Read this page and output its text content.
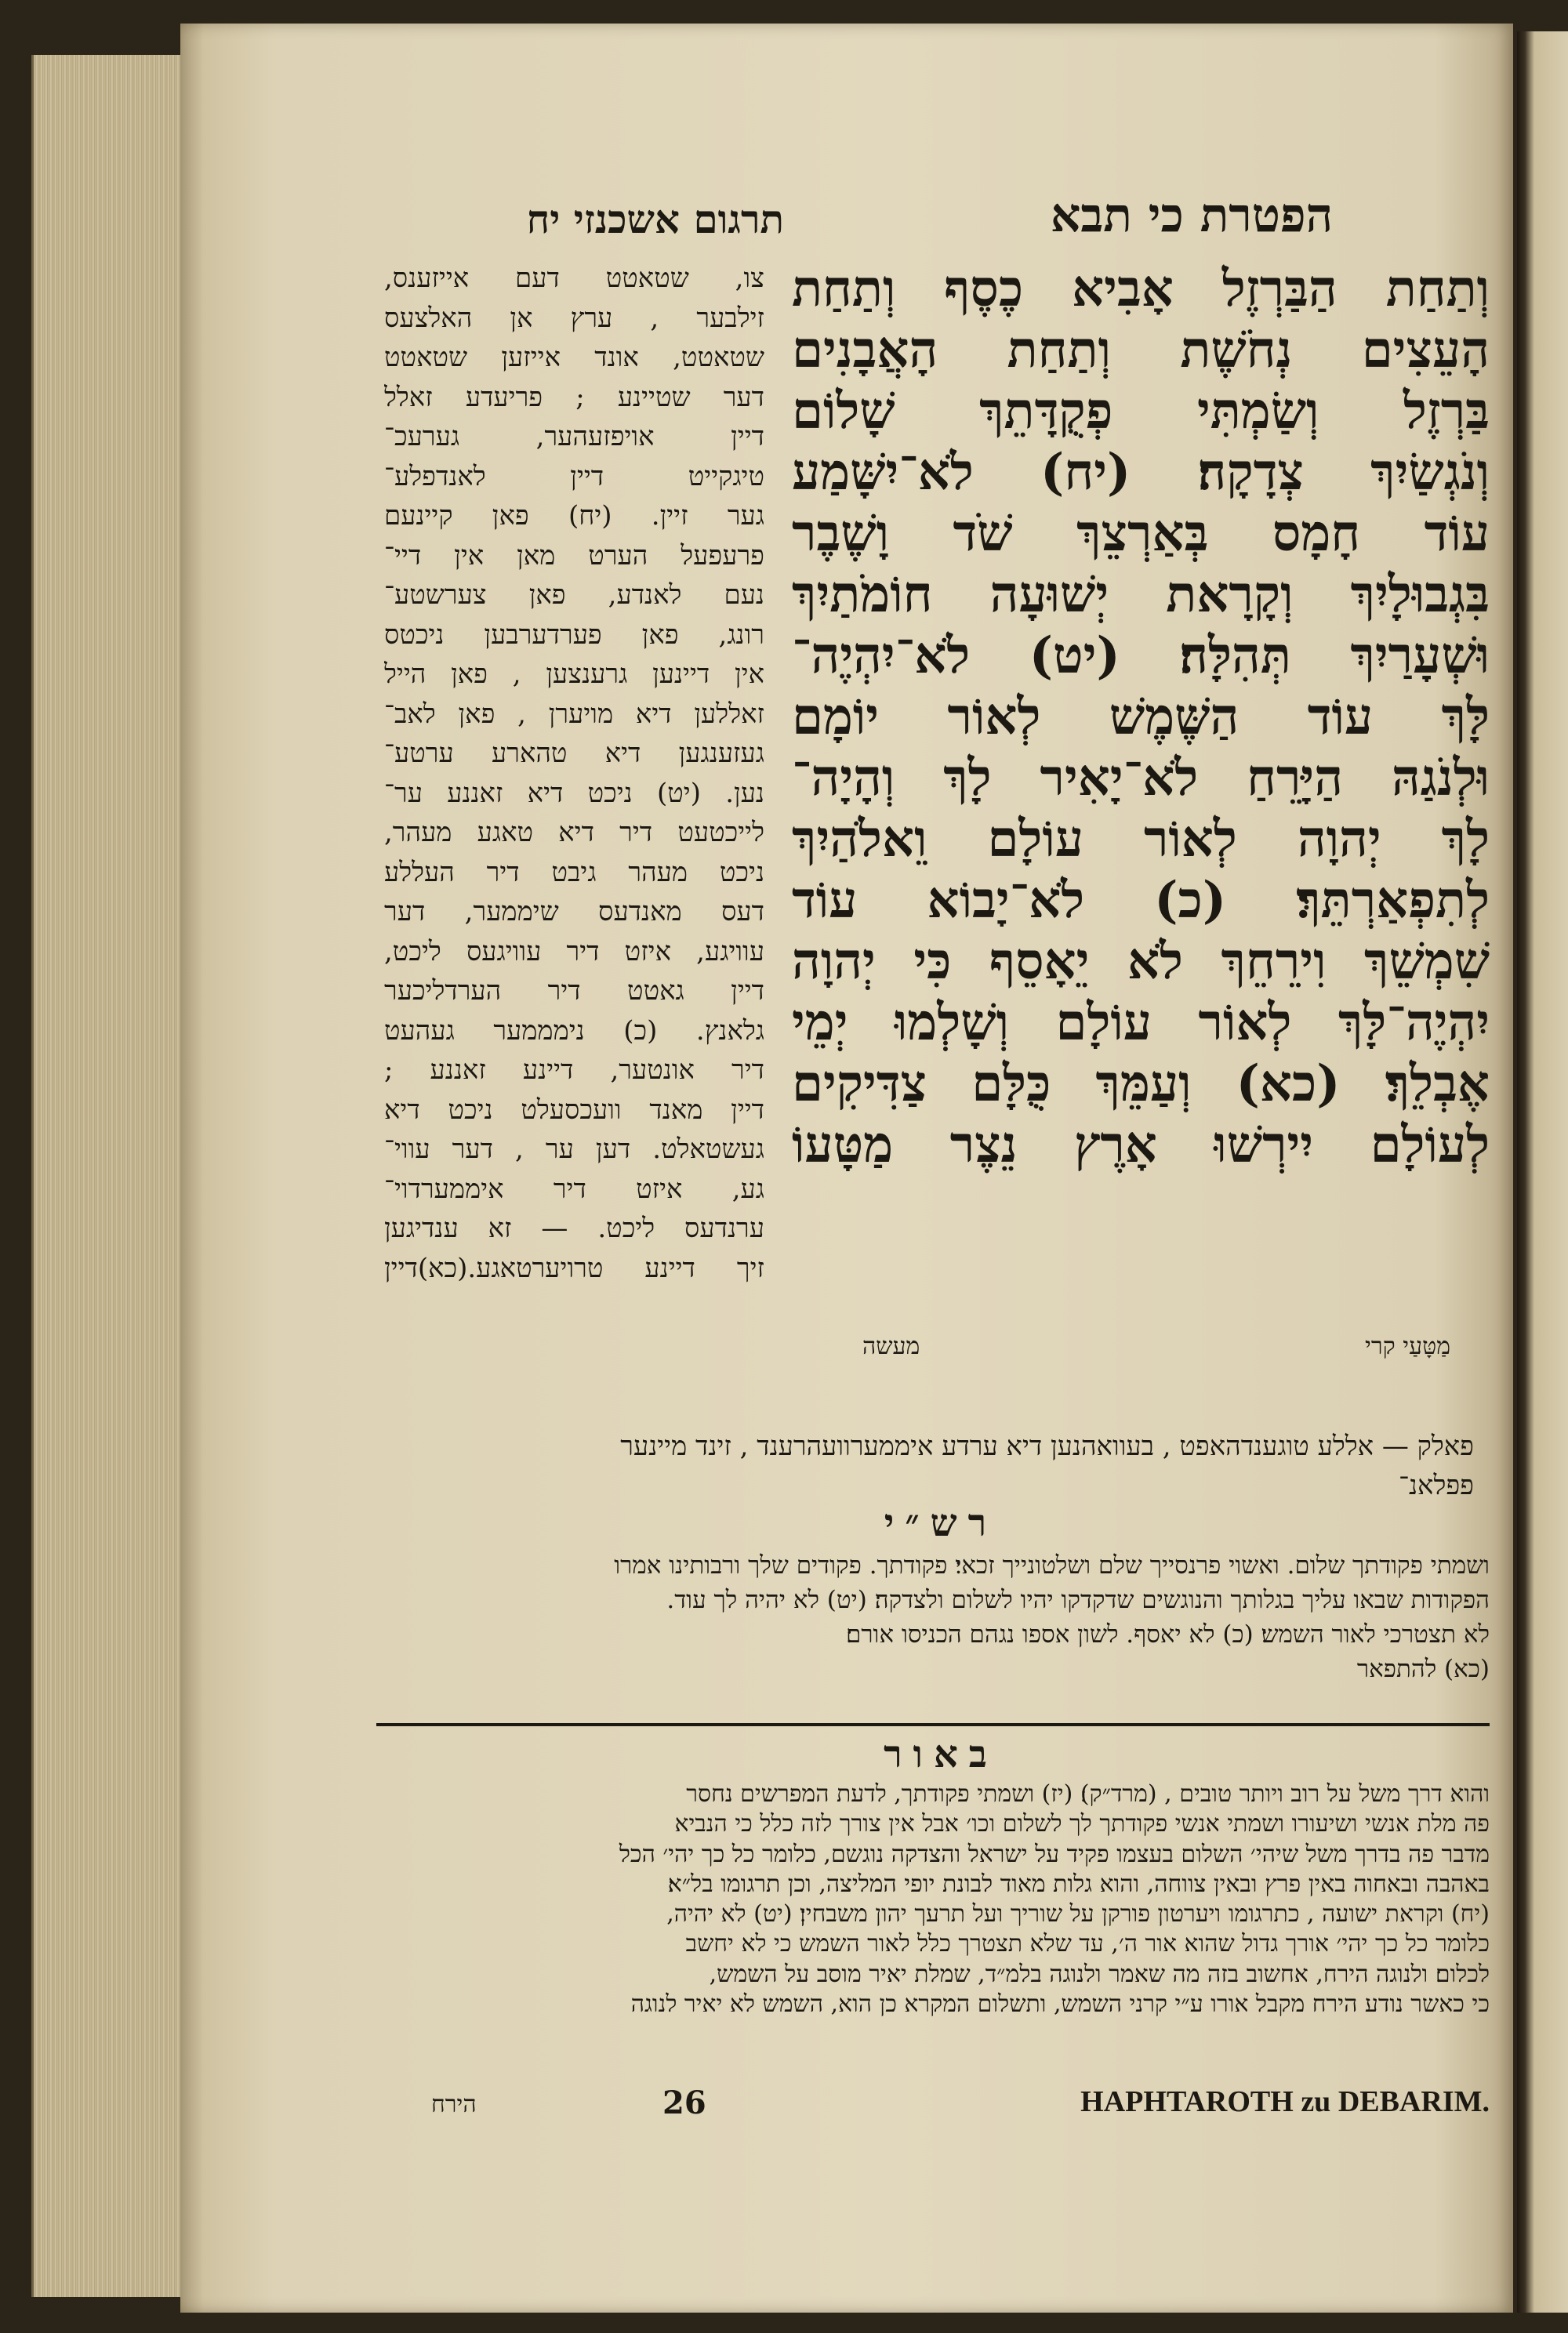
תרגום אשכנזי יח	הפטרת כי תבא
וְתַחַת הַבַּרְזֶל אָבִיא כֶסֶף וְתַחַת
הָעֵצִים נְחֹשֶׁת וְתַחַת הָאֲבָנִים
בַּרְזֶל וְשַׂמְתִּי פְקֻדָּתֵךְ שָׁלוֹם
וְנֹגְשַׂיִךְ צְדָקָה׃ (יח) לֹא־יִשָּׁמַע
עוֹד חָמָס בְּאַרְצֵךְ שֹׁד וָשֶׁבֶר
בִּגְבוּלָיִךְ וְקָרָאת יְשׁוּעָה חוֹמֹתַיִךְ
וּשְׁעָרַיִךְ תְּהִלָּה׃ (יט) לֹא־יִהְיֶה־
לָּךְ עוֹד הַשֶּׁמֶשׁ לְאוֹר יוֹמָם
וּלְנֹגַהּ הַיָּרֵחַ לֹא־יָאִיר לָךְ וְהָיָה־
לָךְ יְהוָה לְאוֹר עוֹלָם וֵאלֹהַיִךְ
לְתִפְאַרְתֵּךְ׃ (כ) לֹא־יָבוֹא עוֹד
שִׁמְשֵׁךְ וִירֵחֵךְ לֹא יֵאָסֵף כִּי יְהוָה
יִהְיֶה־לָּךְ לְאוֹר עוֹלָם וְשָׁלְמוּ יְמֵי
אֶבְלֵךְ׃ (כא) וְעַמֵּךְ כֻּלָּם צַדִּיקִים
לְעוֹלָם יִירְשׁוּ אָרֶץ נֵצֶר מַטָּעוֹ
מַטָּעַי קרי
מעשה
צו, שטאטט דעם אייזענס,
זילבער , ערץ אן האלצעס
שטאטט, אונד אייזען שטאטט
דער שטיינע ; פריעדע זאלל
דיין אויפזעהער, גערעכ־
טיגקייט דיין לאנדפלע־
גער זיין. (יח) פאן קיינעם
פרעפעל הערט מאן אין דיי־
נעם לאנדע, פאן צערשטע־
רונג, פאן פערדערבען ניכטס
אין דיינען גרענצען , פאן הייל
זאללען דיא מויערן , פאן לאב־
געזענגען דיא טהארע ערטע־
נען. (יט) ניכט דיא זאננע ער־
לייכטעט דיר דיא טאגע מעהר,
ניכט מעהר גיבט דיר העללע
דעס מאנדעס שיממער, דער
עוויגע, איזט דיר עוויגעס ליכט,
דיין גאטט דיר הערדליכער
גלאנץ. (כ) נימממער געהעט
דיר אונטער, דיינע זאננע ;
דיין מאנד וועכסעלט ניכט דיא
געשטאלט. דען ער , דער עווי־
גע, איזט דיר איממערדוי־
ערנדעס ליכט. — זא ענדיגען
זיך דיינע טרויערטאגע.(כא)דיין
פאלק — אללע טוגענדהאפט , בעוואהנען דיא ערדע איממערוועהרענד , זינד מיינער
פפלאנ־
רש״י
ושמתי פקודתך שלום. ואשוי פרנסייך שלם ושלטונייך זכאי׃ פקודתך. פקודים שלך ורבותינו אמרו
הפקודות שבאו עליך בגלותך והנוגשים שדקדקו יהיו לשלום ולצדקה׃ (יט) לא יהיה לך עוד.
לא תצטרכי לאור השמש׃ (כ) לא יאסף. לשון אספו נגהם הכניסו אורם׃
(כא) להתפאר
באור
והוא דרך משל על רוב ויותר טובים , (מרד״ק)׃ (יז) ושמתי פקודתך, לדעת המפרשים נחסר
פה מלת אנשי ושיעורו ושמתי אנשי פקודתך לך לשלום וכו׳ אבל אין צורך לזה כלל כי הנביא
מדבר פה בדרך משל שיהי׳ השלום בעצמו פקיד על ישראל והצדקה נוגשם, כלומר כל כך יהי׳ הכל
באהבה ובאחוה באין פרץ ובאין צווחה, והוא גלות מאוד לבונת יופי המליצה, וכן תרגומו בל״א׃
(יח) וקראת ישועה , כתרגומו ויערטון פורקן על שוריך ועל תרעך יהון משבחין׃ (יט) לא יהיה,
כלומר כל כך יהי׳ אורך גדול שהוא אור ה׳, עד שלא תצטרך כלל לאור השמש כי לא יחשב
לכלום׃ ולנוגה הירח, אחשוב בזה מה שאמר ולנוגה בלמ״ד, שמלת יאיר מוסב על השמש,
כי כאשר נודע הירח מקבל אורו ע״י קרני השמש, ותשלום המקרא כן הוא, השמש לא יאיר לנוגה
הירח	26	HAPHTAROTH zu DEBARIM.
